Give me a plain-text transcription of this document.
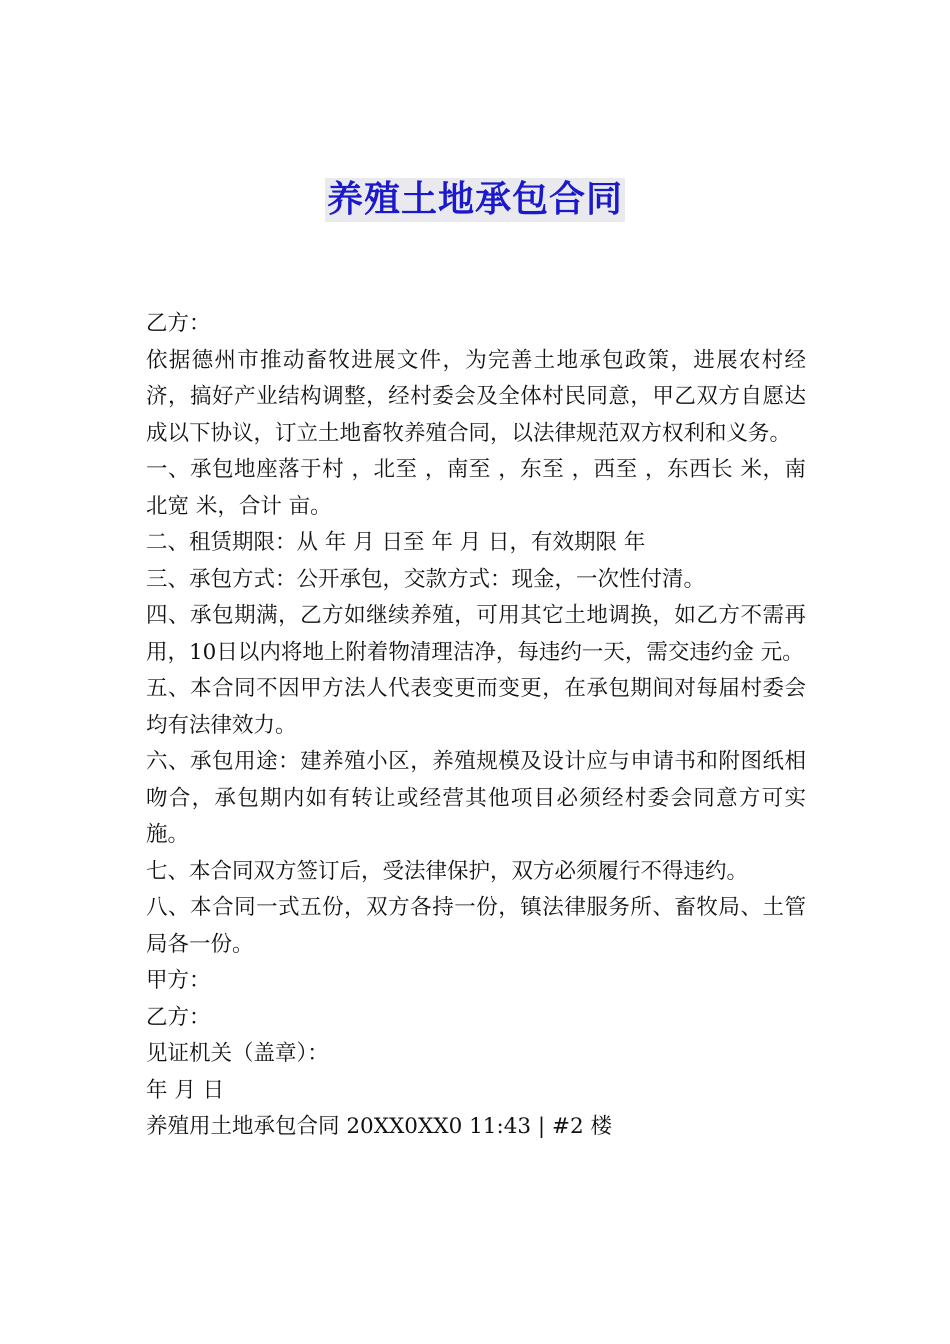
养殖土地承包合同

乙方：

依据德州市推动畜牧进展文件，为完善土地承包政策，进展农村经济，搞好产业结构调整，经村委会及全体村民同意，甲乙双方自愿达成以下协议，订立土地畜牧养殖合同，以法律规范双方权利和义务。

一、承包地座落于村 ，北至 ，南至 ，东至 ，西至 ，东西长 米，南北宽 米，合计 亩。

二、租赁期限：从 年 月 日至 年 月 日，有效期限 年

三、承包方式：公开承包，交款方式：现金，一次性付清。

四、承包期满，乙方如继续养殖，可用其它土地调换，如乙方不需再用，10日以内将地上附着物清理洁净，每违约一天，需交违约金 元。

五、本合同不因甲方法人代表变更而变更，在承包期间对每届村委会均有法律效力。

六、承包用途：建养殖小区，养殖规模及设计应与申请书和附图纸相吻合，承包期内如有转让或经营其他项目必须经村委会同意方可实施。

七、本合同双方签订后，受法律保护，双方必须履行不得违约。

八、本合同一式五份，双方各持一份，镇法律服务所、畜牧局、土管局各一份。

甲方：

乙方：

见证机关（盖章）：

年 月 日

养殖用土地承包合同 20XX0XX0 11:43 | #2 楼
